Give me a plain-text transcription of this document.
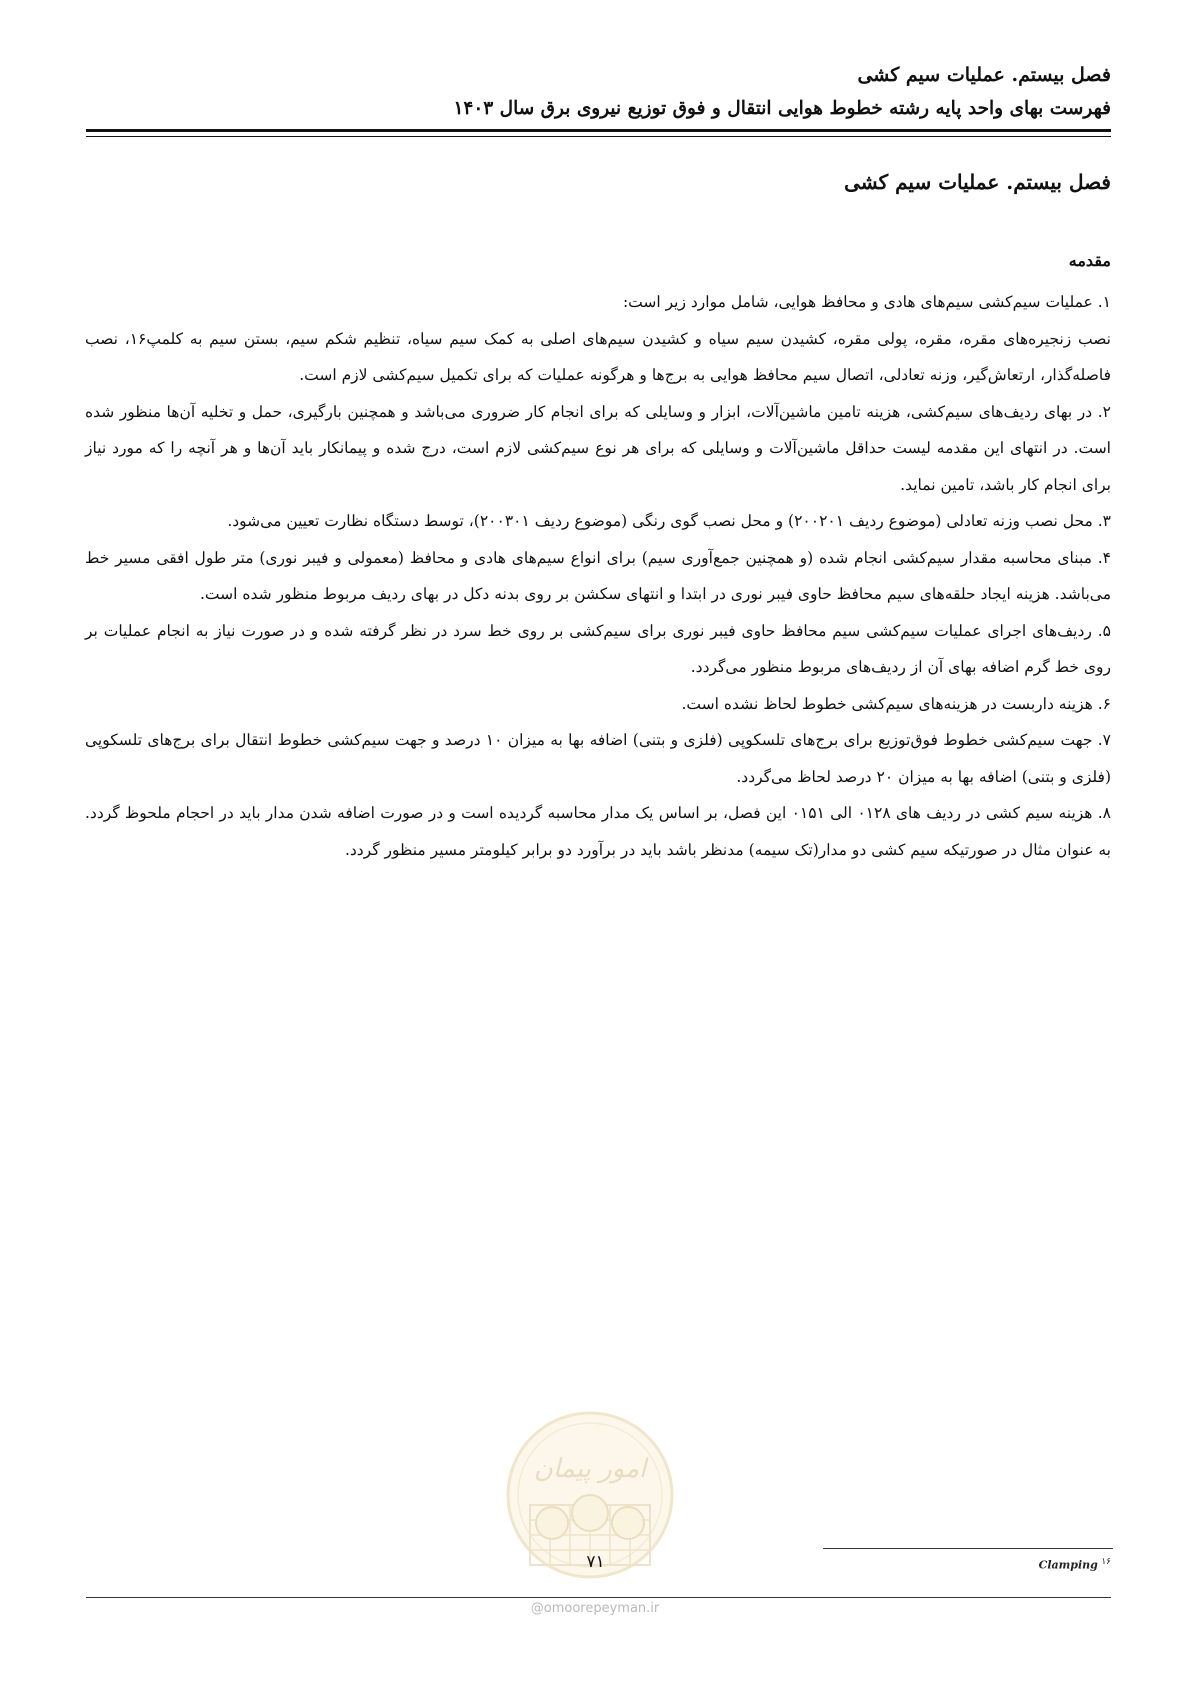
فصل بیستم. عملیات سیم کشی
فهرست بهای واحد پایه رشته خطوط هوایی انتقال و فوق توزیع نیروی برق سال ۱۴۰۳
فصل بیستم. عملیات سیم کشی
مقدمه

۱. عملیات سیم‌کشی سیم‌های هادی و محافظ هوایی، شامل موارد زیر است:

نصب زنجیره‌های مقره، مقره، پولی مقره، کشیدن سیم سیاه و کشیدن سیم‌های اصلی به کمک سیم سیاه، تنظیم شکم سیم، بستن سیم به کلمپ۱۶، نصب فاصله‌گذار، ارتعاش‌گیر، وزنه تعادلی، اتصال سیم محافظ هوایی به برج‌ها و هرگونه عملیات که برای تکمیل سیم‌کشی لازم است.

۲. در بهای ردیف‌های سیم‌کشی، هزینه تامین ماشین‌آلات، ابزار و وسایلی که برای انجام کار ضروری می‌باشد و همچنین بارگیری، حمل و تخلیه آن‌ها منظور شده است. در انتهای این مقدمه لیست حداقل ماشین‌آلات و وسایلی که برای هر نوع سیم‌کشی لازم است، درج شده و پیمانکار باید آن‌ها و هر آنچه را که مورد نیاز برای انجام کار باشد، تامین نماید.

۳. محل نصب وزنه تعادلی (موضوع ردیف ۲۰۰۲۰۱) و محل نصب گوی رنگی (موضوع ردیف ۲۰۰۳۰۱)، توسط دستگاه نظارت تعیین می‌شود.

۴. مبنای محاسبه مقدار سیم‌کشی انجام شده (و همچنین جمع‌آوری سیم) برای انواع سیم‌های هادی و محافظ (معمولی و فیبر نوری) متر طول افقی مسیر خط می‌باشد. هزینه ایجاد حلقه‌های سیم محافظ حاوی فیبر نوری در ابتدا و انتهای سکشن بر روی بدنه دکل در بهای ردیف مربوط منظور شده است.

۵. ردیف‌های اجرای عملیات سیم‌کشی سیم محافظ حاوی فیبر نوری برای سیم‌کشی بر روی خط سرد در نظر گرفته شده و در صورت نیاز به انجام عملیات بر روی خط گرم اضافه بهای آن از ردیف‌های مربوط منظور می‌گردد.

۶. هزینه داربست در هزینه‌های سیم‌کشی خطوط لحاظ نشده است.

۷. جهت سیم‌کشی خطوط فوق‌توزیع برای برج‌های تلسکوپی (فلزی و بتنی) اضافه بها به میزان ۱۰ درصد و جهت سیم‌کشی خطوط انتقال برای برج‌های تلسکوپی (فلزی و بتنی) اضافه بها به میزان ۲۰ درصد لحاظ می‌گردد.

۸. هزینه سیم کشی در ردیف های ۰۱۲۸ الی ۰۱۵۱ این فصل، بر اساس یک مدار محاسبه گردیده است و در صورت اضافه شدن مدار باید در احجام ملحوظ گردد. به عنوان مثال در صورتیکه سیم کشی دو مدار(تک سیمه) مدنظر باشد باید در برآورد دو برابر کیلومتر مسیر منظور گردد.

امور پیمان
Clamping $^{۱۶}$
۷۱
@omoorepeyman.ir
